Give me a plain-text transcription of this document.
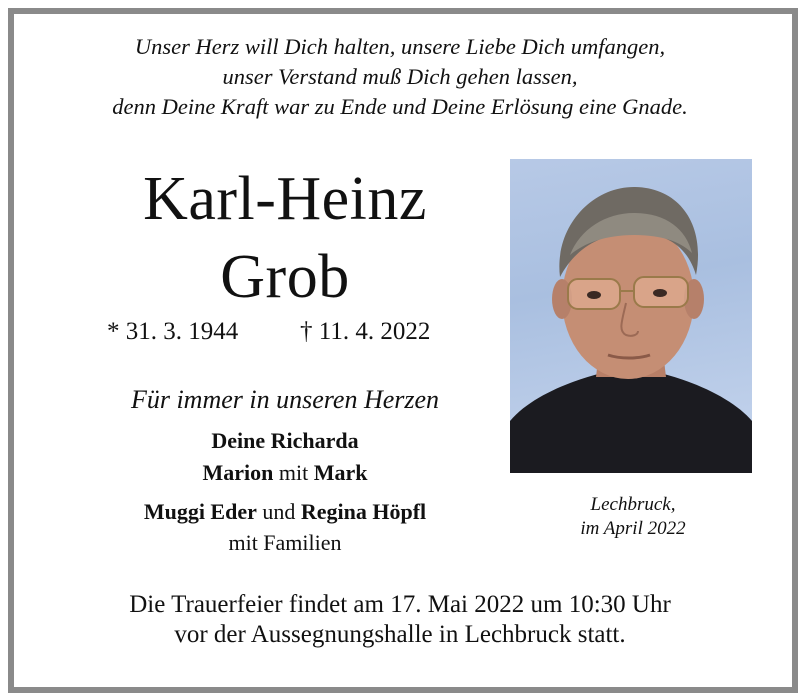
Unser Herz will Dich halten, unsere Liebe Dich umfangen,
unser Verstand muß Dich gehen lassen,
denn Deine Kraft war zu Ende und Deine Erlösung eine Gnade.
Karl-Heinz
Grob
* 31. 3. 1944 † 11. 4. 2022
Für immer in unseren Herzen
Deine Richarda
Marion mit Mark
Muggi Eder und Regina Höpfl
mit Familien
Lechbruck,
im April 2022
Die Trauerfeier findet am 17. Mai 2022 um 10:30 Uhr
vor der Aussegnungshalle in Lechbruck statt.
